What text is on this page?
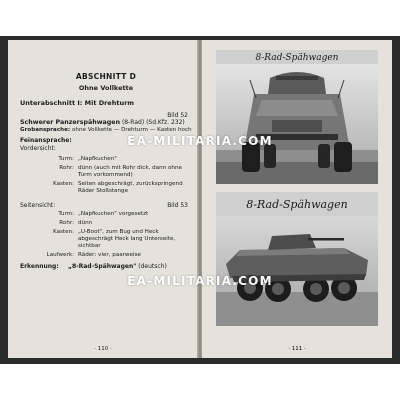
ABSCHNITT D
Ohne Vollkette
Unterabschnitt I: Mit Drehturm
Bild 52
Schwerer Panzerspähwagen (8-Rad) (Sd.Kfz. 232)
Grobansprache: ohne Vollkette — Drehturm — Kasten hoch
Feinansprache:
Vordersicht:
Turm: „Napfkuchen"
Rohr: dünn (auch mit Rohr dick, dann ohne Turm vorkommend)
Kasten: Seiten abgeschrägt, zurückspringend Räder Stoßstange
Seitensicht:	Bild 53
Turm: „Napfkuchen" vorgesetzt
Rohr: dünn
Kasten: „U-Boot", zum Bug und Heck abgeschrägt Heck lang Unterseite, sichtbar
Laufwerk: Räder: vier, paarweise
Erkennung:	„8-Rad-Spähwagen" (deutsch)
· 110 ·
8-Rad-Spähwagen
8-Rad-Spähwagen
· 111 ·
EA-MILITARIA.COM
EA-MILITARIA.COM
